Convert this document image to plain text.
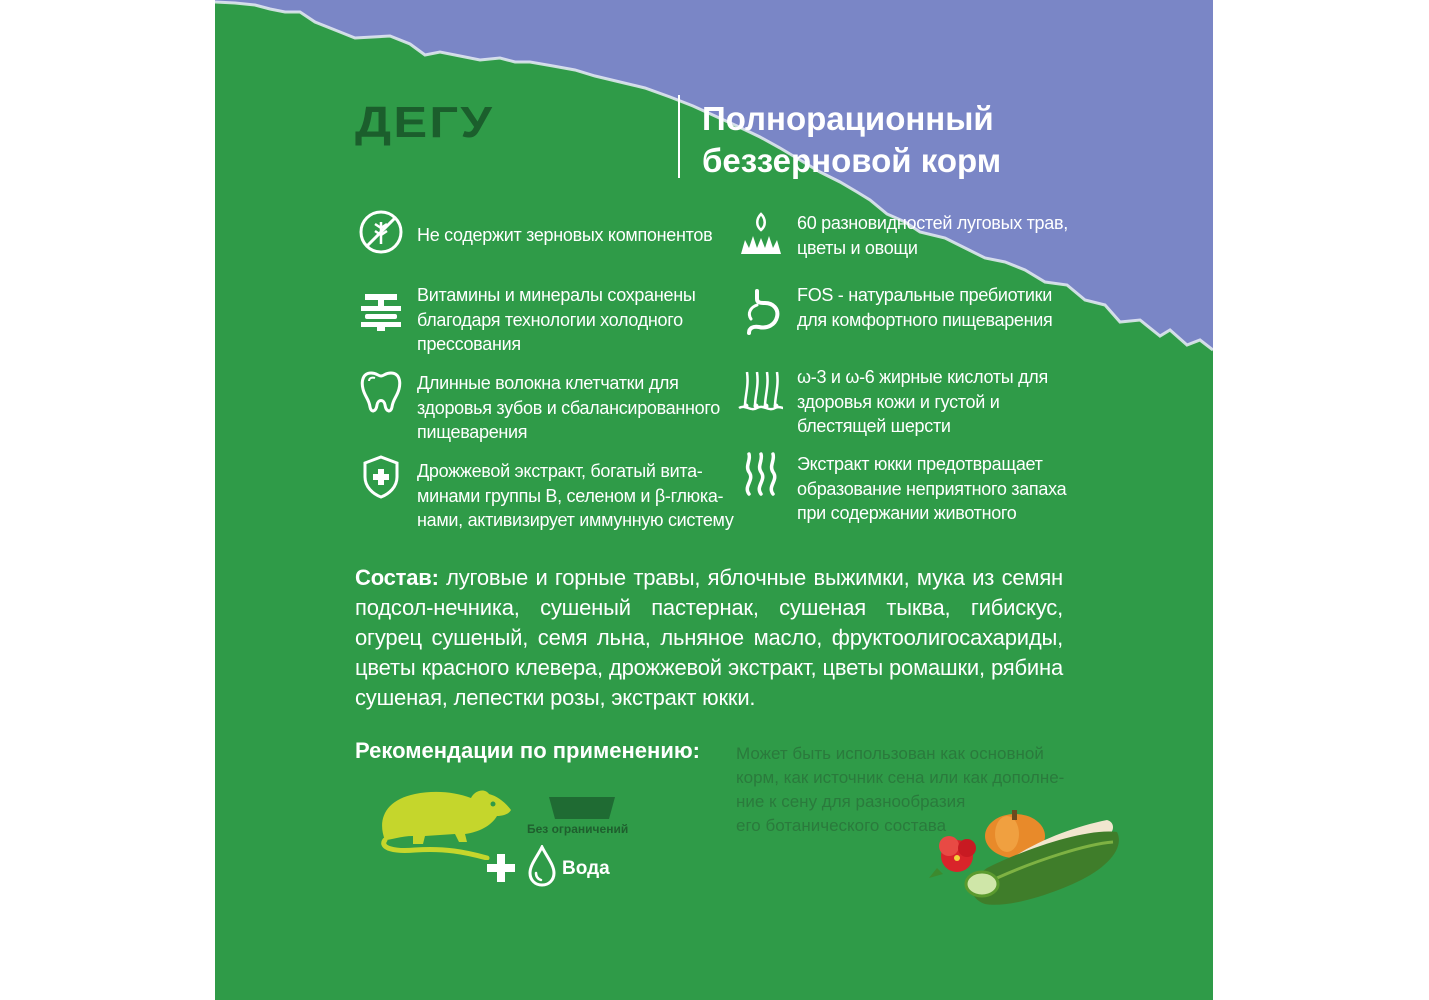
ДЕГУ	Полнорационный
беззерновой корм
Не содержит зерновых компонентов
Витамины и минералы сохранены
благодаря технологии холодного
прессования
Длинные волокна клетчатки для
здоровья зубов и сбалансированного
пищеварения
Дрожжевой экстракт, богатый вита-
минами группы В, селеном и β-глюка-
нами, активизирует иммунную систему
60 разновидностей луговых трав,
цветы и овощи
FOS - натуральные пребиотики
для комфортного пищеварения
ω-3 и ω-6 жирные кислоты для
здоровья кожи и густой и
блестящей шерсти
Экстракт юкки предотвращает
образование неприятного запаха
при содержании животного
Состав: луговые и горные травы, яблочные выжимки, мука из семян подсол-нечника, сушеный пастернак, сушеная тыква, гибискус, огурец сушеный, семя льна, льняное масло, фруктоолигосахариды, цветы красного клевера, дрожжевой экстракт, цветы ромашки, рябина сушеная, лепестки розы, экстракт юкки.
Рекомендации по применению:
Без ограничений
Вода
Может быть использован как основной
корм, как источник сена или как дополне-
ние к сену для разнообразия
его ботанического состава
